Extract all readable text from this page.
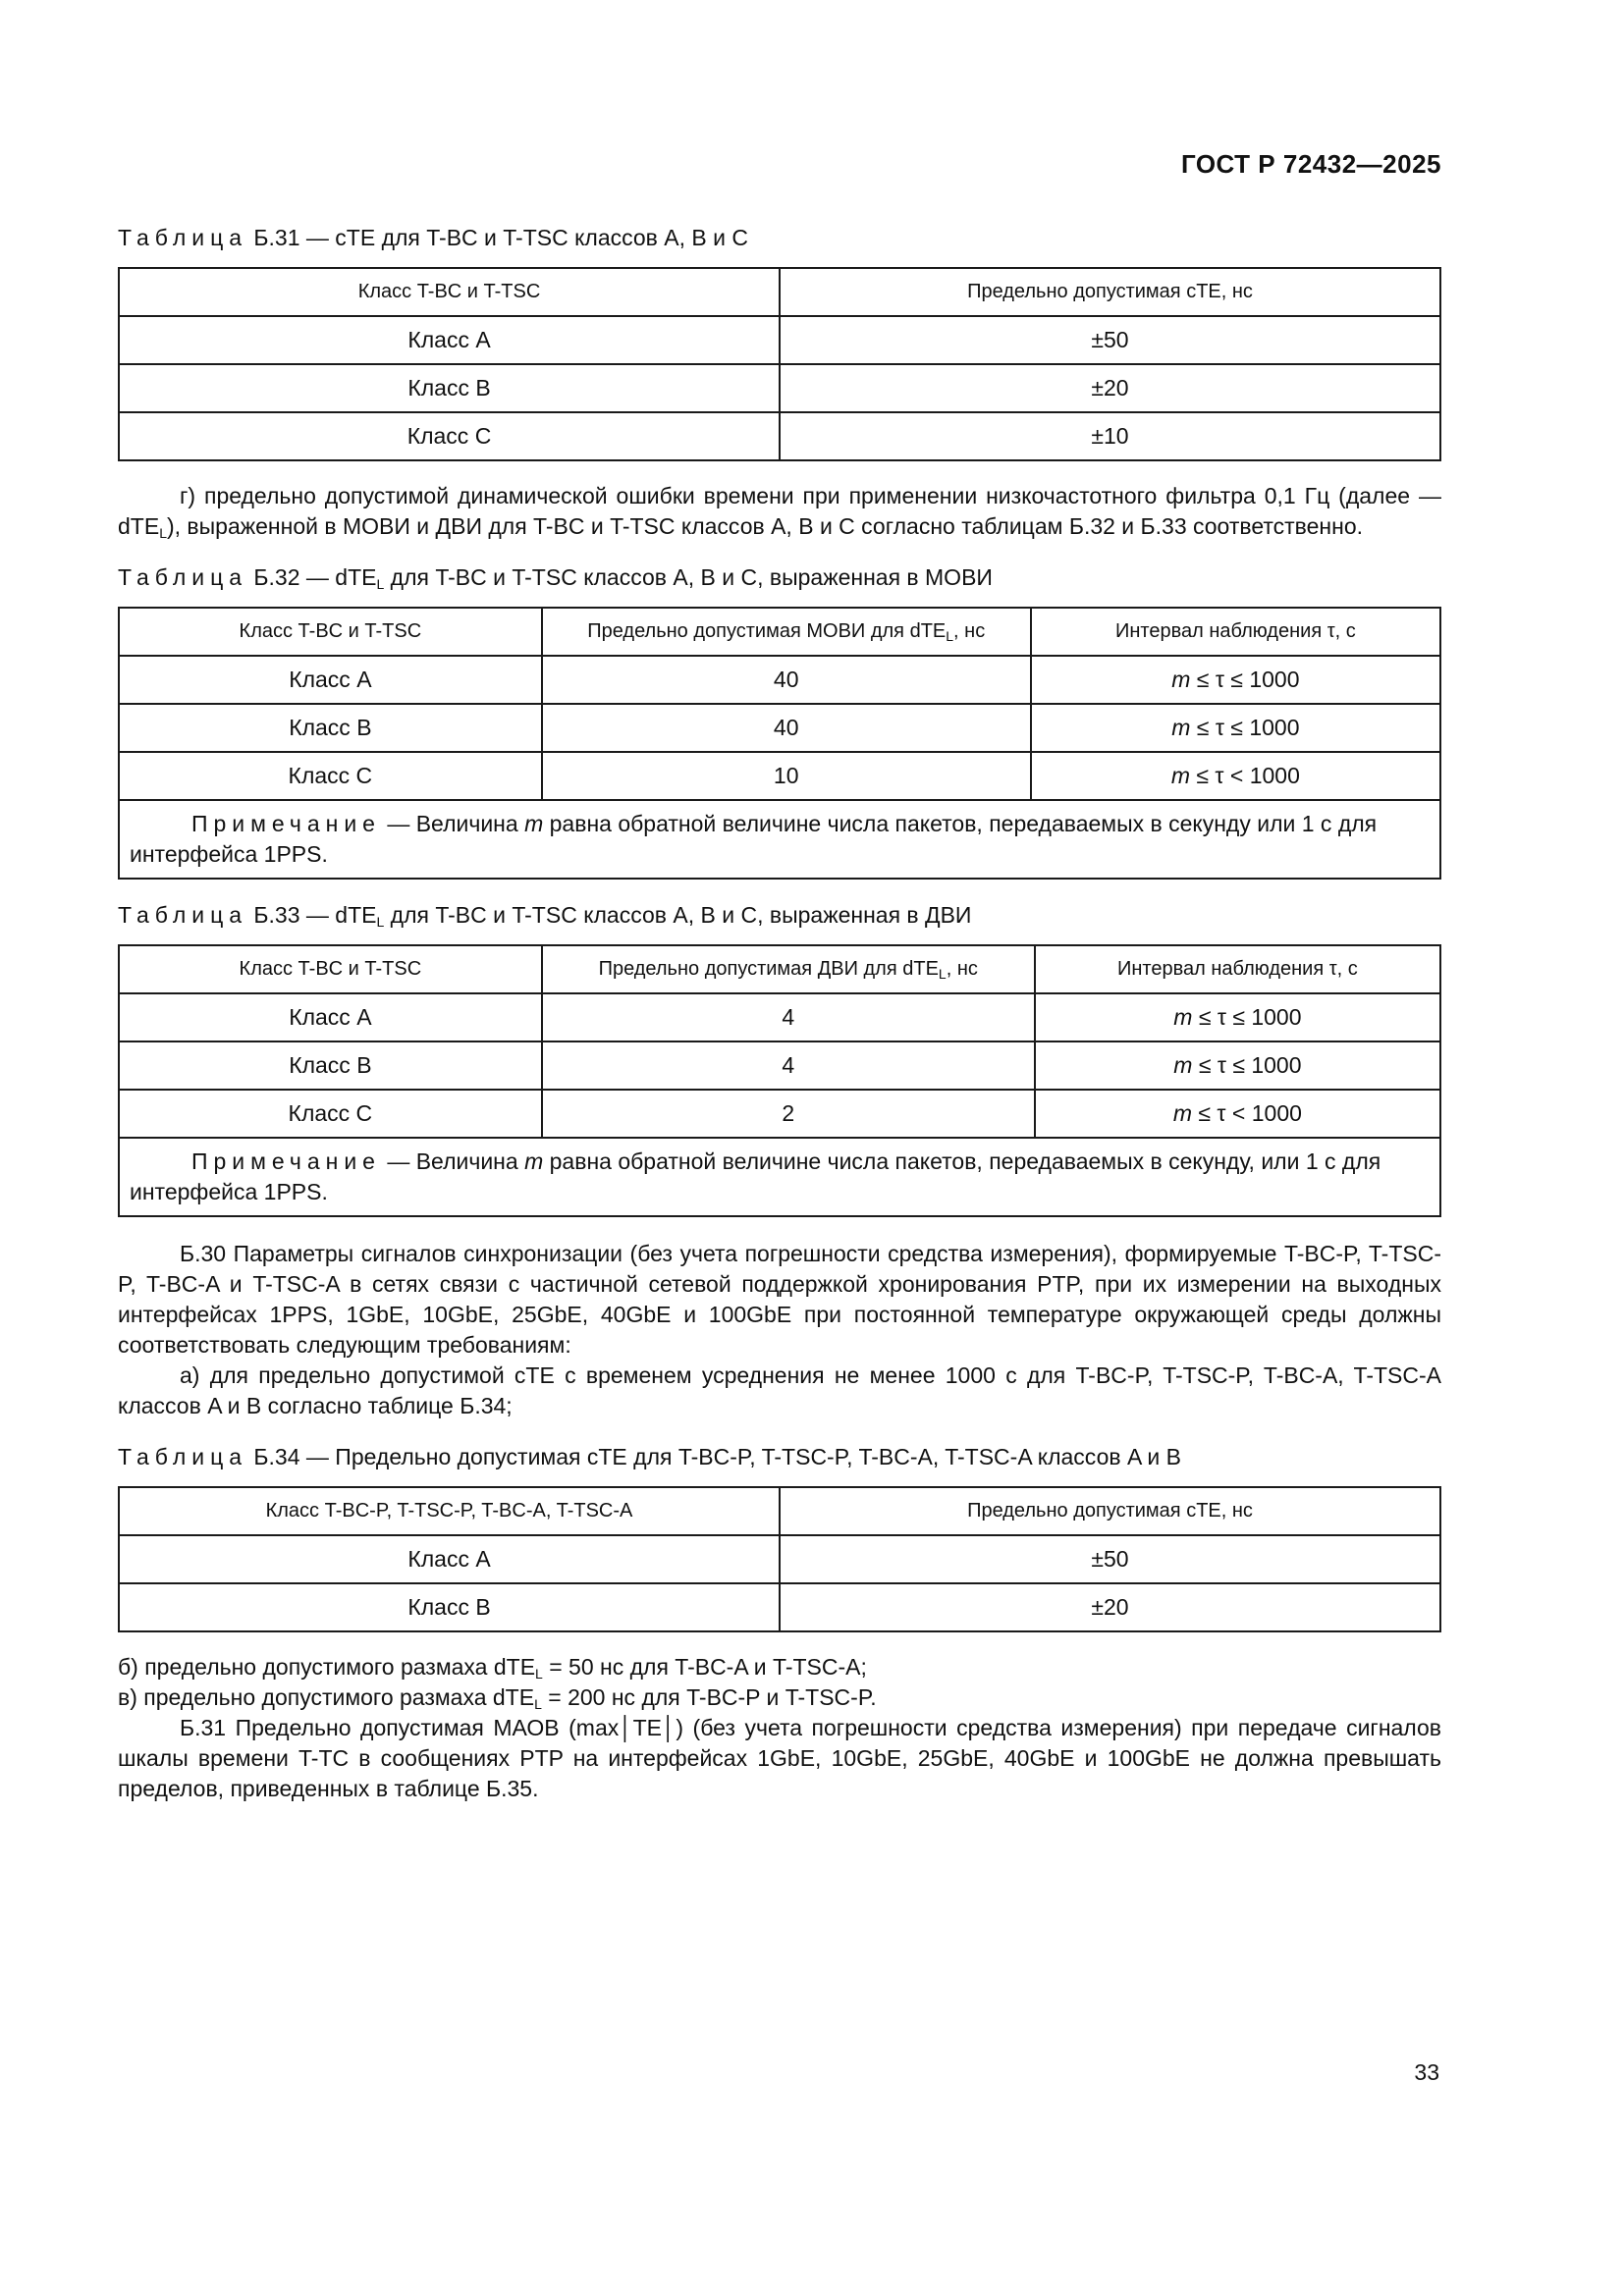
ГОСТ Р 72432—2025

Таблица Б.31 — сТЕ для T-BC и T-TSC классов A, B и C

Класс T-BC и T-TSC	Предельно допустимая сТЕ, нс
Класс А	±50
Класс В	±20
Класс С	±10

г) предельно допустимой динамической ошибки времени при применении низкочастотного фильтра 0,1 Гц (далее — dTE$_L$), выраженной в МОВИ и ДВИ для T-BC и T-TSC классов A, B и C согласно таблицам Б.32 и Б.33 соответственно.

Таблица Б.32 — dTE$_L$ для T-BC и T-TSC классов A, B и C, выраженная в МОВИ

Класс T-BC и T-TSC	Предельно допустимая МОВИ для dTE$_L$, нс	Интервал наблюдения τ, с
Класс А	40	m ≤ τ ≤ 1000
Класс В	40	m ≤ τ ≤ 1000
Класс С	10	m ≤ τ < 1000
Примечание — Величина m равна обратной величине числа пакетов, передаваемых в секунду или 1 с для интерфейса 1PPS.		

Таблица Б.33 — dTE$_L$ для T-BC и T-TSC классов A, B и C, выраженная в ДВИ

Класс T-BC и T-TSC	Предельно допустимая ДВИ для dTE$_L$, нс	Интервал наблюдения τ, с
Класс А	4	m ≤ τ ≤ 1000
Класс В	4	m ≤ τ ≤ 1000
Класс С	2	m ≤ τ < 1000
Примечание — Величина m равна обратной величине числа пакетов, передаваемых в секунду, или 1 с для интерфейса 1PPS.		

Б.30 Параметры сигналов синхронизации (без учета погрешности средства измерения), формируемые T-BC-P, T-TSC-P, T-BC-A и T-TSC-A в сетях связи с частичной сетевой поддержкой хронирования PTP, при их измерении на выходных интерфейсах 1PPS, 1GbE, 10GbE, 25GbE, 40GbE и 100GbE при постоянной температуре окружающей среды должны соответствовать следующим требованиям:

а) для предельно допустимой сТЕ с временем усреднения не менее 1000 с для T-BC-P, T-TSC-P, T-BC-A, T-TSC-A классов A и B согласно таблице Б.34;

Таблица Б.34 — Предельно допустимая сТЕ для T-BC-P, T-TSC-P, T-BC-A, T-TSC-A классов A и B

Класс T-BC-P, T-TSC-P, T-BC-A, T-TSC-A	Предельно допустимая сТЕ, нс
Класс А	±50
Класс В	±20

б) предельно допустимого размаха dTE$_L$ = 50 нс для T-BC-A и T-TSC-A;

в) предельно допустимого размаха dTE$_L$ = 200 нс для T-BC-P и T-TSC-P.

Б.31 Предельно допустимая МАОВ (max│TE│) (без учета погрешности средства измерения) при передаче сигналов шкалы времени T-TC в сообщениях PTP на интерфейсах 1GbE, 10GbE, 25GbE, 40GbE и 100GbE не должна превышать пределов, приведенных в таблице Б.35.

33
